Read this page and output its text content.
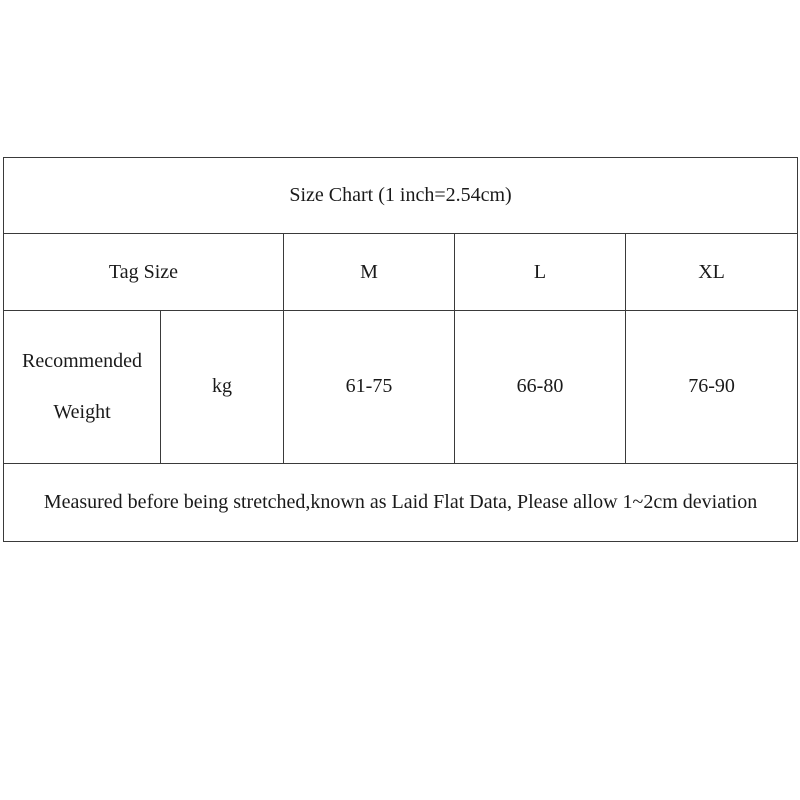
Size Chart (1 inch=2.54cm)				
Tag Size		M	L	XL

Recommended
Weight	kg	61-75	66-80	76-90
Measured before being stretched,known as Laid Flat Data, Please allow 1~2cm deviation				
